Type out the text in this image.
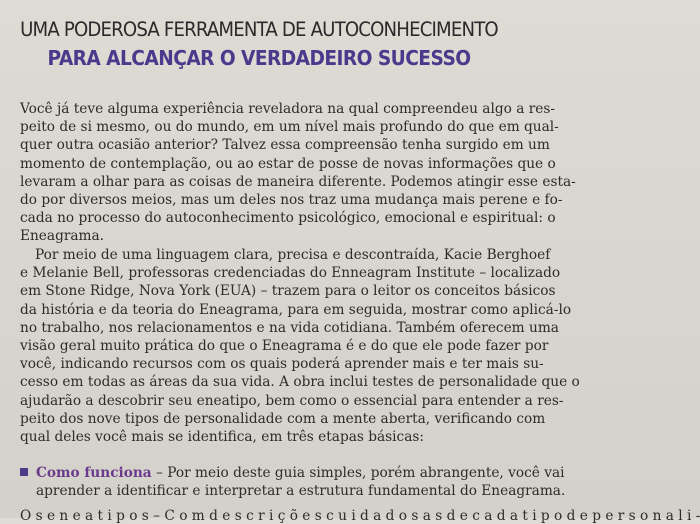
UMA PODEROSA FERRAMENTA DE AUTOCONHECIMENTO
PARA ALCANÇAR O VERDADEIRO SUCESSO
Você já teve alguma experiência reveladora na qual compreendeu algo a res-
peito de si mesmo, ou do mundo, em um nível mais profundo do que em qual-
quer outra ocasião anterior? Talvez essa compreensão tenha surgido em um
momento de contemplação, ou ao estar de posse de novas informações que o
levaram a olhar para as coisas de maneira diferente. Podemos atingir esse esta-
do por diversos meios, mas um deles nos traz uma mudança mais perene e fo-
cada no processo do autoconhecimento psicológico, emocional e espiritual: o
Eneagrama.
Por meio de uma linguagem clara, precisa e descontraída, Kacie Berghoef
e Melanie Bell, professoras credenciadas do Enneagram Institute – localizado
em Stone Ridge, Nova York (EUA) – trazem para o leitor os conceitos básicos
da história e da teoria do Eneagrama, para em seguida, mostrar como aplicá-lo
no trabalho, nos relacionamentos e na vida cotidiana. Também oferecem uma
visão geral muito prática do que o Eneagrama é e do que ele pode fazer por
você, indicando recursos com os quais poderá aprender mais e ter mais su-
cesso em todas as áreas da sua vida. A obra inclui testes de personalidade que o
ajudarão a descobrir seu eneatipo, bem como o essencial para entender a res-
peito dos nove tipos de personalidade com a mente aberta, verificando com
qual deles você mais se identifica, em três etapas básicas:
Como funciona – Por meio deste guia simples, porém abrangente, você vai
aprender a identificar e interpretar a estrutura fundamental do Eneagrama.
O s e n e a t i p o s – C o m d e s c r i ç õ e s c u i d a d o s a s d e c a d a t i p o d e p e r s o n a l i -
